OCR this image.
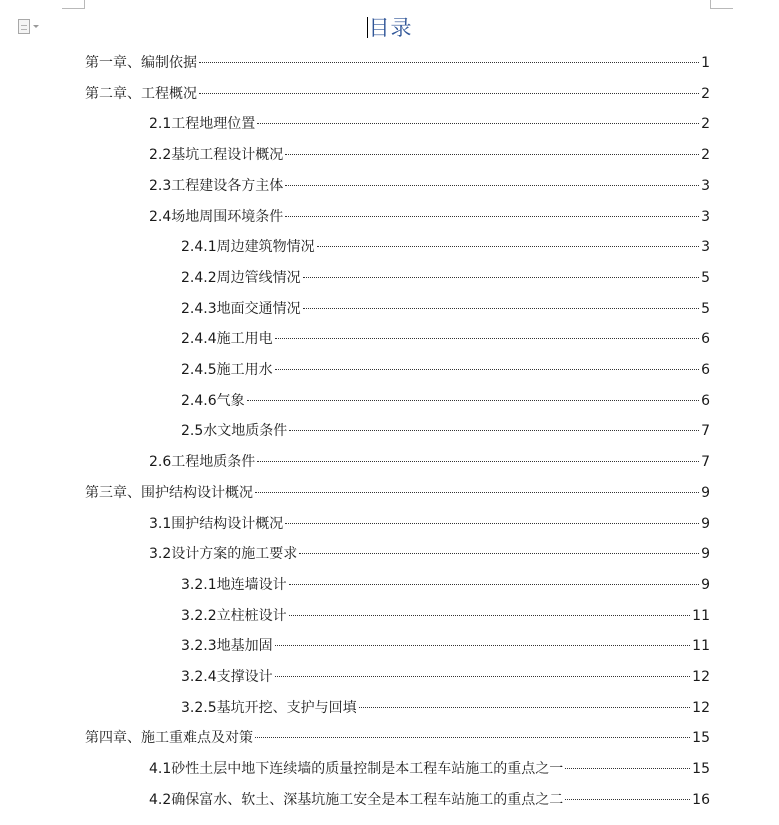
目录
第一章、编制依据	1
第二章、工程概况	2
2.1工程地理位置	2
2.2基坑工程设计概况	2
2.3工程建设各方主体	3
2.4场地周围环境条件	3
2.4.1周边建筑物情况	3
2.4.2周边管线情况	5
2.4.3地面交通情况	5
2.4.4施工用电	6
2.4.5施工用水	6
2.4.6气象	6
2.5水文地质条件	7
2.6工程地质条件	7
第三章、围护结构设计概况	9
3.1围护结构设计概况	9
3.2设计方案的施工要求	9
3.2.1地连墙设计	9
3.2.2立柱桩设计	11
3.2.3地基加固	11
3.2.4支撑设计	12
3.2.5基坑开挖、支护与回填	12
第四章、施工重难点及对策	15
4.1砂性土层中地下连续墙的质量控制是本工程车站施工的重点之一	15
4.2确保富水、软土、深基坑施工安全是本工程车站施工的重点之二	16
